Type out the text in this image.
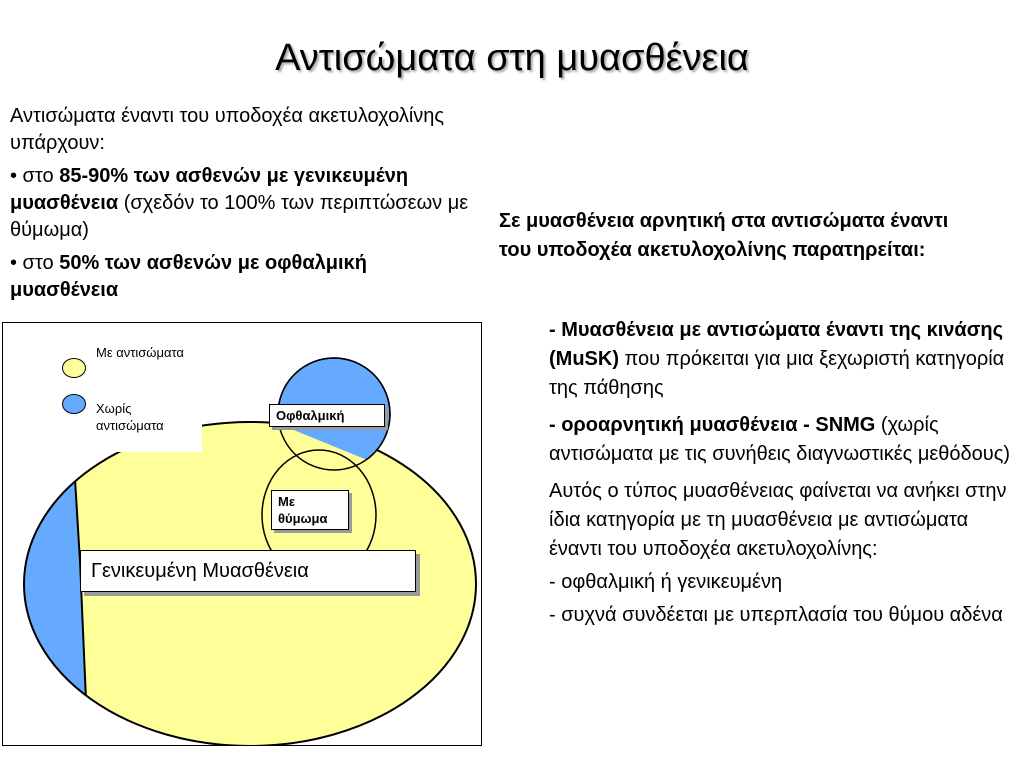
Αντισώματα στη μυασθένεια

Αντισώματα έναντι του υποδοχέα ακετυλοχολίνης υπάρχουν:

• στο 85-90% των ασθενών με γενικευμένη μυασθένεια (σχεδόν το 100% των περιπτώσεων με θύμωμα)

• στο 50% των ασθενών με οφθαλμική μυασθένεια

Με αντισώματα
Χωρίς αντισώματα
Οφθαλμική
Με θύμωμα
Γενικευμένη Μυασθένεια
Σε μυασθένεια αρνητική στα αντισώματα έναντι του υποδοχέα ακετυλοχολίνης παρατηρείται:

- Μυασθένεια με αντισώματα έναντι της κινάσης (MuSK) που πρόκειται για μια ξεχωριστή κατηγορία της πάθησης

- οροαρνητική μυασθένεια - SNMG (χωρίς αντισώματα με τις συνήθεις διαγνωστικές μεθόδους)

Αυτός ο τύπος μυασθένειας φαίνεται να ανήκει στην ίδια κατηγορία με τη μυασθένεια με αντισώματα έναντι του υποδοχέα ακετυλοχολίνης:

- οφθαλμική ή γενικευμένη

- συχνά συνδέεται με υπερπλασία του θύμου αδένα
